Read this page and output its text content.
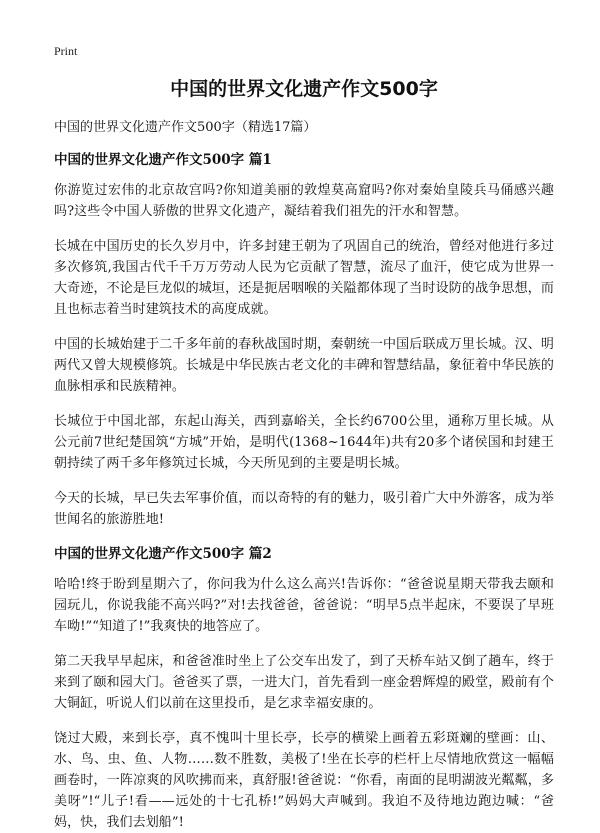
Print
中国的世界文化遗产作文500字
中国的世界文化遗产作文500字（精选17篇）
中国的世界文化遗产作文500字 篇1

你游览过宏伟的北京故宫吗?你知道美丽的敦煌莫高窟吗?你对秦始皇陵兵马俑感兴趣吗?这些令中国人骄傲的世界文化遗产，凝结着我们祖先的汗水和智慧。

长城在中国历史的长久岁月中，许多封建王朝为了巩固自己的统治，曾经对他进行多过多次修筑,我国古代千千万万劳动人民为它贡献了智慧，流尽了血汗，使它成为世界一大奇迹，不论是巨龙似的城垣，还是扼居咽喉的关隘都体现了当时设防的战争思想，而且也标志着当时建筑技术的高度成就。

中国的长城始建于二千多年前的春秋战国时期，秦朝统一中国后联成万里长城。汉、明两代又曾大规模修筑。长城是中华民族古老文化的丰碑和智慧结晶，象征着中华民族的血脉相承和民族精神。

长城位于中国北部，东起山海关，西到嘉峪关，全长约6700公里，通称万里长城。从公元前7世纪楚国筑“方城”开始，是明代(1368~1644年)共有20多个诸侯国和封建王朝持续了两千多年修筑过长城，今天所见到的主要是明长城。

今天的长城，早已失去军事价值，而以奇特的有的魅力，吸引着广大中外游客，成为举世闻名的旅游胜地!

中国的世界文化遗产作文500字 篇2

哈哈!终于盼到星期六了，你问我为什么这么高兴!告诉你：“爸爸说星期天带我去颐和园玩儿，你说我能不高兴吗?”对!去找爸爸，爸爸说：“明早5点半起床，不要误了早班车呦!”“知道了!”我爽快的地答应了。

第二天我早早起床，和爸爸准时坐上了公交车出发了，到了天桥车站又倒了趟车，终于来到了颐和园大门。爸爸买了票，一进大门，首先看到一座金碧辉煌的殿堂，殿前有个大铜缸，听说人们以前在这里投币，是乞求幸福安康的。

饶过大殿，来到长亭，真不愧叫十里长亭，长亭的横梁上画着五彩斑斓的壁画：山、水、鸟、虫、鱼、人物……数不胜数，美极了!坐在长亭的栏杆上尽情地欣赏这一幅幅画卷时，一阵凉爽的风吹拂而来，真舒服!爸爸说：“你看，南面的昆明湖波光粼粼，多美呀”!“儿子!看——远处的十七孔桥!”妈妈大声喊到。我迫不及待地边跑边喊：“爸妈，快，我们去划船”!
